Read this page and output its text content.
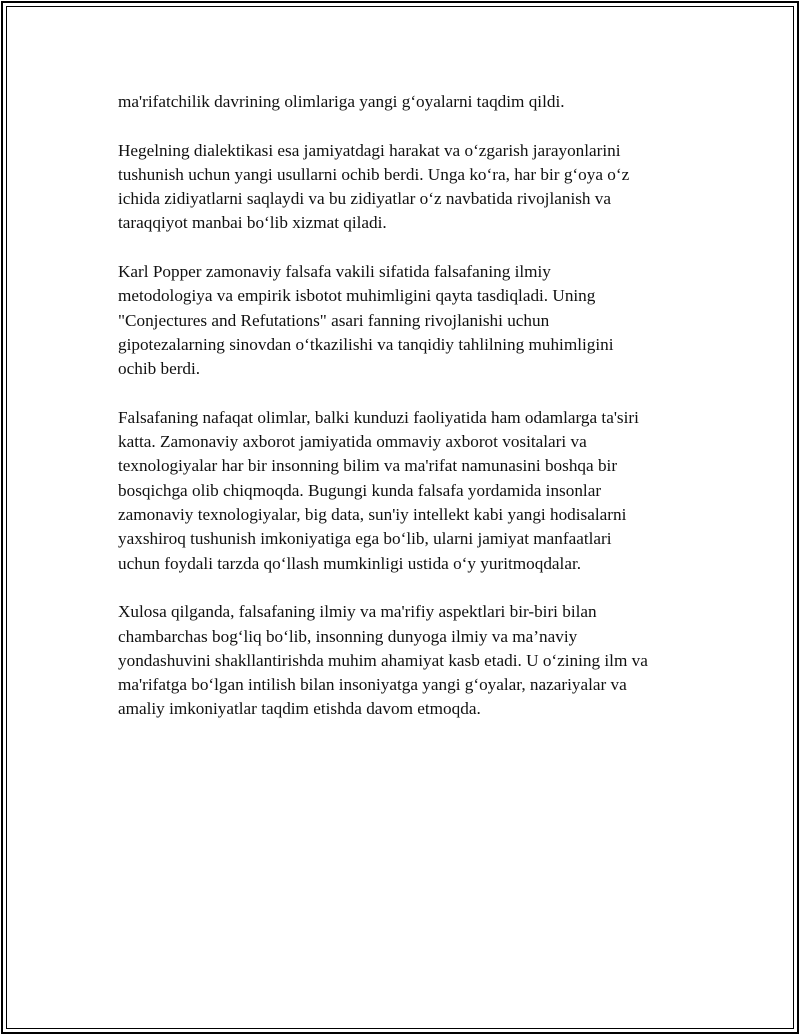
ma'rifatchilik davrining olimlariga yangi g‘oyalarni taqdim qildi.

Hegelning dialektikasi esa jamiyatdagi harakat va o‘zgarish jarayonlarini
tushunish uchun yangi usullarni ochib berdi. Unga ko‘ra, har bir g‘oya o‘z
ichida zidiyatlarni saqlaydi va bu zidiyatlar o‘z navbatida rivojlanish va
taraqqiyot manbai bo‘lib xizmat qiladi.

Karl Popper zamonaviy falsafa vakili sifatida falsafaning ilmiy
metodologiya va empirik isbotot muhimligini qayta tasdiqladi. Uning
"Conjectures and Refutations" asari fanning rivojlanishi uchun
gipotezalarning sinovdan o‘tkazilishi va tanqidiy tahlilning muhimligini
ochib berdi.

Falsafaning nafaqat olimlar, balki kunduzi faoliyatida ham odamlarga ta'siri
katta. Zamonaviy axborot jamiyatida ommaviy axborot vositalari va
texnologiyalar har bir insonning bilim va ma'rifat namunasini boshqa bir
bosqichga olib chiqmoqda. Bugungi kunda falsafa yordamida insonlar
zamonaviy texnologiyalar, big data, sun'iy intellekt kabi yangi hodisalarni
yaxshiroq tushunish imkoniyatiga ega bo‘lib, ularni jamiyat manfaatlari
uchun foydali tarzda qo‘llash mumkinligi ustida o‘y yuritmoqdalar.

Xulosa qilganda, falsafaning ilmiy va ma'rifiy aspektlari bir-biri bilan
chambarchas bog‘liq bo‘lib, insonning dunyoga ilmiy va ma’naviy
yondashuvini shakllantirishda muhim ahamiyat kasb etadi. U o‘zining ilm va
ma'rifatga bo‘lgan intilish bilan insoniyatga yangi g‘oyalar, nazariyalar va
amaliy imkoniyatlar taqdim etishda davom etmoqda.
